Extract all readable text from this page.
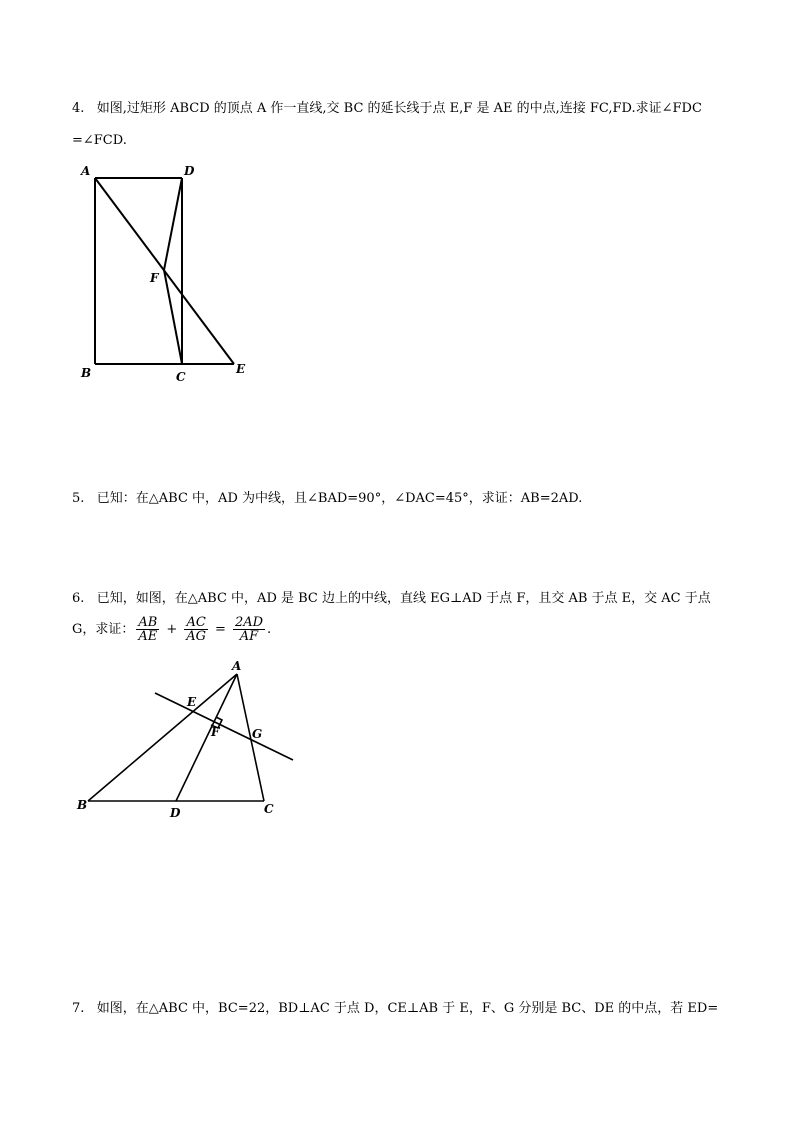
4.   如图,过矩形 ABCD 的顶点 A 作一直线,交 BC 的延长线于点 E,F 是 AE 的中点,连接 FC,FD.求证∠FDC
=∠FCD.
A	D
F
B	C
E
5.   已知：在△ABC 中，AD 为中线，且∠BAD=90°，∠DAC=45°，求证：AB=2AD.
6.   已知，如图，在△ABC 中，AD 是 BC 边上的中线，直线 EG⊥AD 于点 F，且交 AB 于点 E，交 AC 于点
G，求证： $\frac{AB}{AE} + \frac{AC}{AG} = \frac{2AD}{AF}$ .
A
E
F	G
B
D	C
7.   如图，在△ABC 中，BC=22，BD⊥AC 于点 D，CE⊥AB 于 E，F、G 分别是 BC、DE 的中点，若 ED=
